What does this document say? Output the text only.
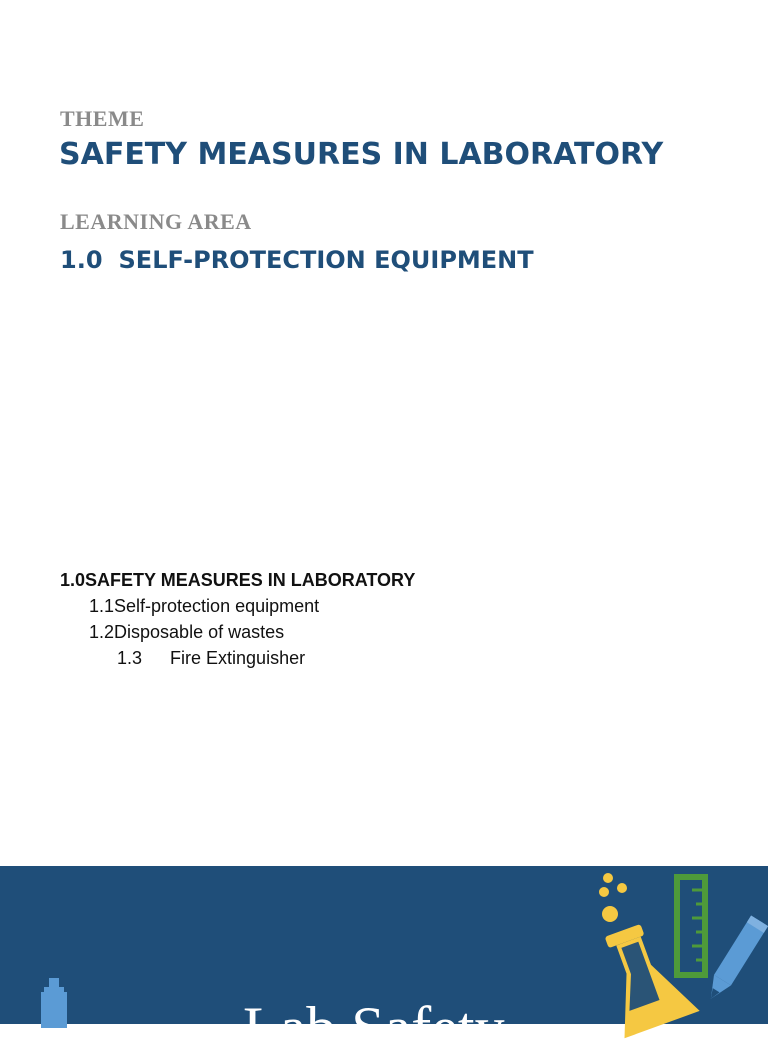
THEME
SAFETY MEASURES IN LABORATORY
LEARNING AREA
1.0 SELF-PROTECTION EQUIPMENT
1.0SAFETY MEASURES IN LABORATORY
1.1Self-protection equipment
1.2Disposable of wastes
1.3 Fire Extinguisher
Lab Safety
